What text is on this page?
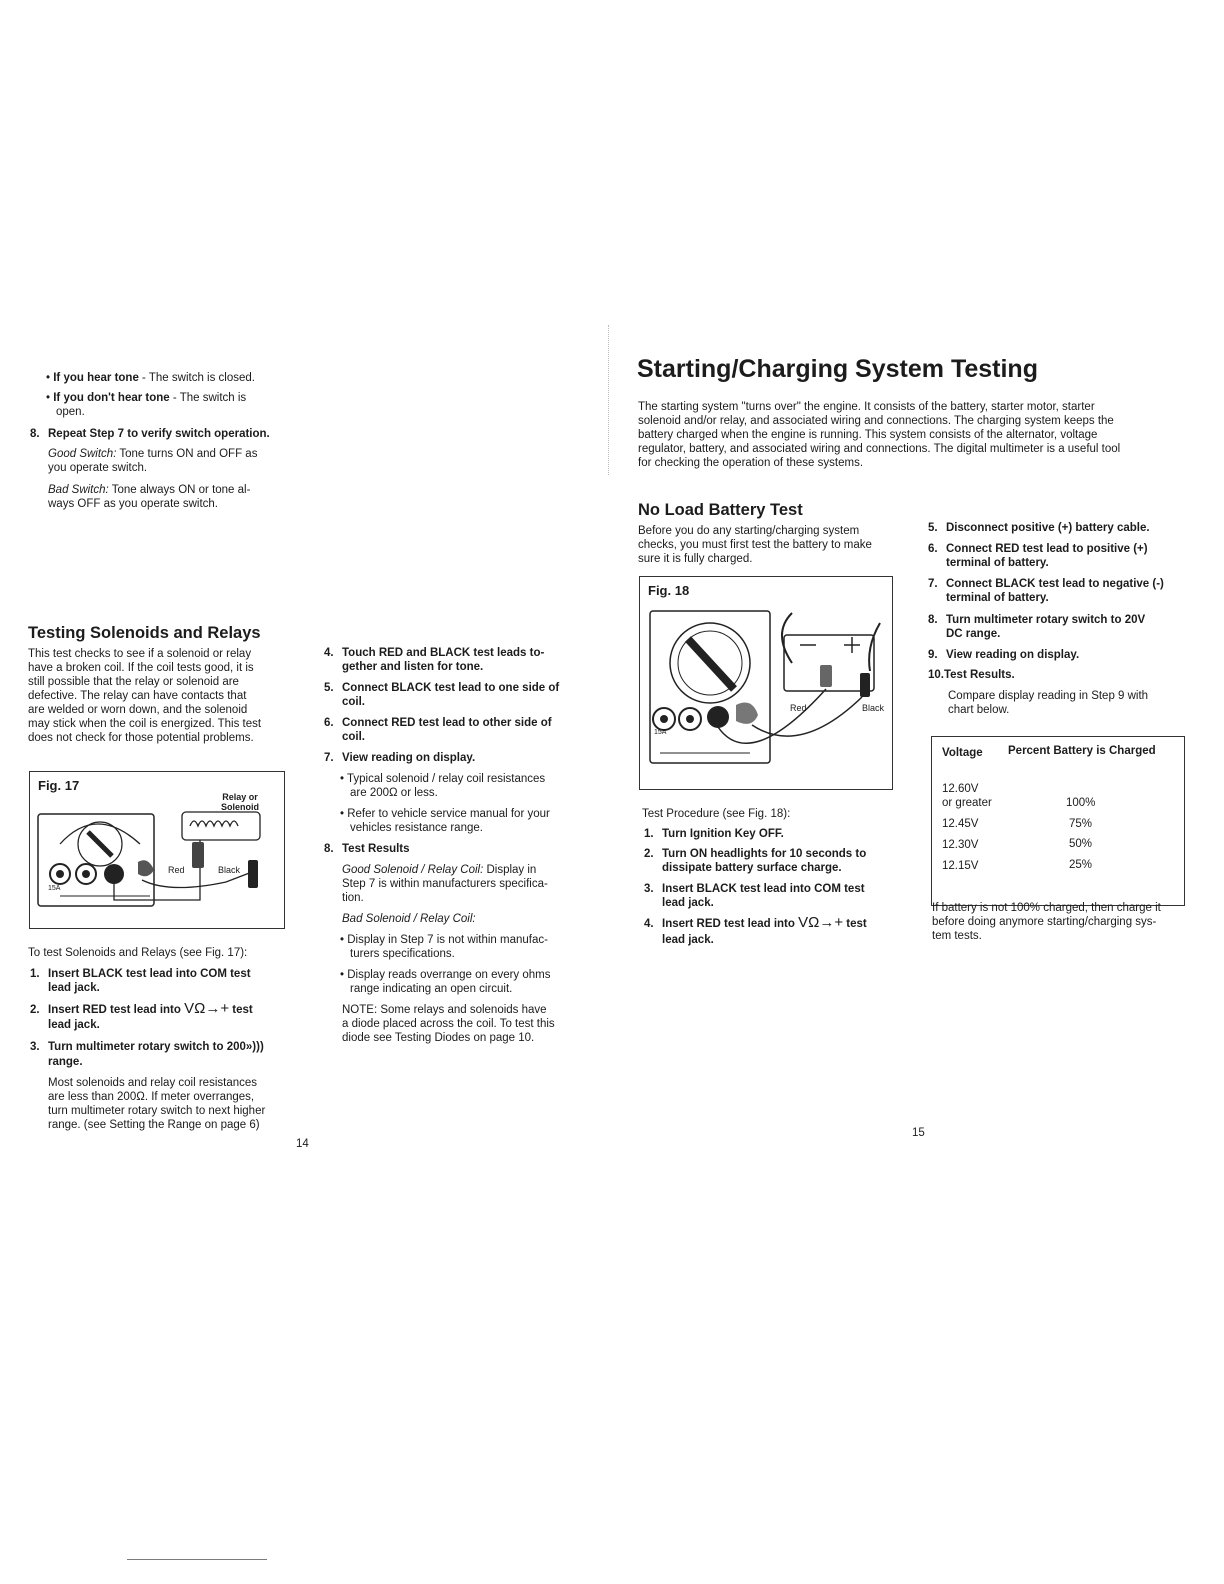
• If you hear tone - The switch is closed.
• If you don't hear tone - The switch is
open.
8. Repeat Step 7 to verify switch operation.
Good Switch: Tone turns ON and OFF as
you operate switch.
Bad Switch: Tone always ON or tone al-
ways OFF as you operate switch.
Testing Solenoids and Relays
This test checks to see if a solenoid or relay
have a broken coil. If the coil tests good, it is
still possible that the relay or solenoid are
defective. The relay can have contacts that
are welded or worn down, and the solenoid
may stick when the coil is energized. This test
does not check for those potential problems.
Fig. 17
Relay or
Solenoid
Red	Black
15A
To test Solenoids and Relays (see Fig. 17):
1. Insert BLACK test lead into COM test
lead jack.
2. Insert RED test lead into VΩ→+ test
lead jack.
3. Turn multimeter rotary switch to 200»)))
range.
Most solenoids and relay coil resistances
are less than 200Ω. If meter overranges,
turn multimeter rotary switch to next higher
range. (see Setting the Range on page 6)
4. Touch RED and BLACK test leads to-
gether and listen for tone.
5. Connect BLACK test lead to one side of
coil.
6. Connect RED test lead to other side of
coil.
7. View reading on display.
• Typical solenoid / relay coil resistances
are 200Ω or less.
• Refer to vehicle service manual for your
vehicles resistance range.
8. Test Results
Good Solenoid / Relay Coil: Display in
Step 7 is within manufacturers specifica-
tion.
Bad Solenoid / Relay Coil:
• Display in Step 7 is not within manufac-
turers specifications.
• Display reads overrange on every ohms
range indicating an open circuit.
NOTE: Some relays and solenoids have
a diode placed across the coil. To test this
diode see Testing Diodes on page 10.
14
Starting/Charging System Testing
The starting system "turns over" the engine. It consists of the battery, starter motor, starter
solenoid and/or relay, and associated wiring and connections. The charging system keeps the
battery charged when the engine is running. This system consists of the alternator, voltage
regulator, battery, and associated wiring and connections. The digital multimeter is a useful tool
for checking the operation of these systems.
No Load Battery Test
Before you do any starting/charging system
checks, you must first test the battery to make
sure it is fully charged.
Fig. 18
Red	Black
15A
Test Procedure (see Fig. 18):
1. Turn Ignition Key OFF.
2. Turn ON headlights for 10 seconds to
dissipate battery surface charge.
3. Insert BLACK test lead into COM test
lead jack.
4. Insert RED test lead into VΩ→+ test
lead jack.
5. Disconnect positive (+) battery cable.
6. Connect RED test lead to positive (+)
terminal of battery.
7. Connect BLACK test lead to negative (-)
terminal of battery.
8. Turn multimeter rotary switch to 20V
DC range.
9. View reading on display.
10.Test Results.
Compare display reading in Step 9 with
chart below.
Voltage Percent Battery is Charged
12.60V
or greater	100%
12.45V	75%
12.30V	50%
12.15V	25%
If battery is not 100% charged, then charge it
before doing anymore starting/charging sys-
tem tests.
15
